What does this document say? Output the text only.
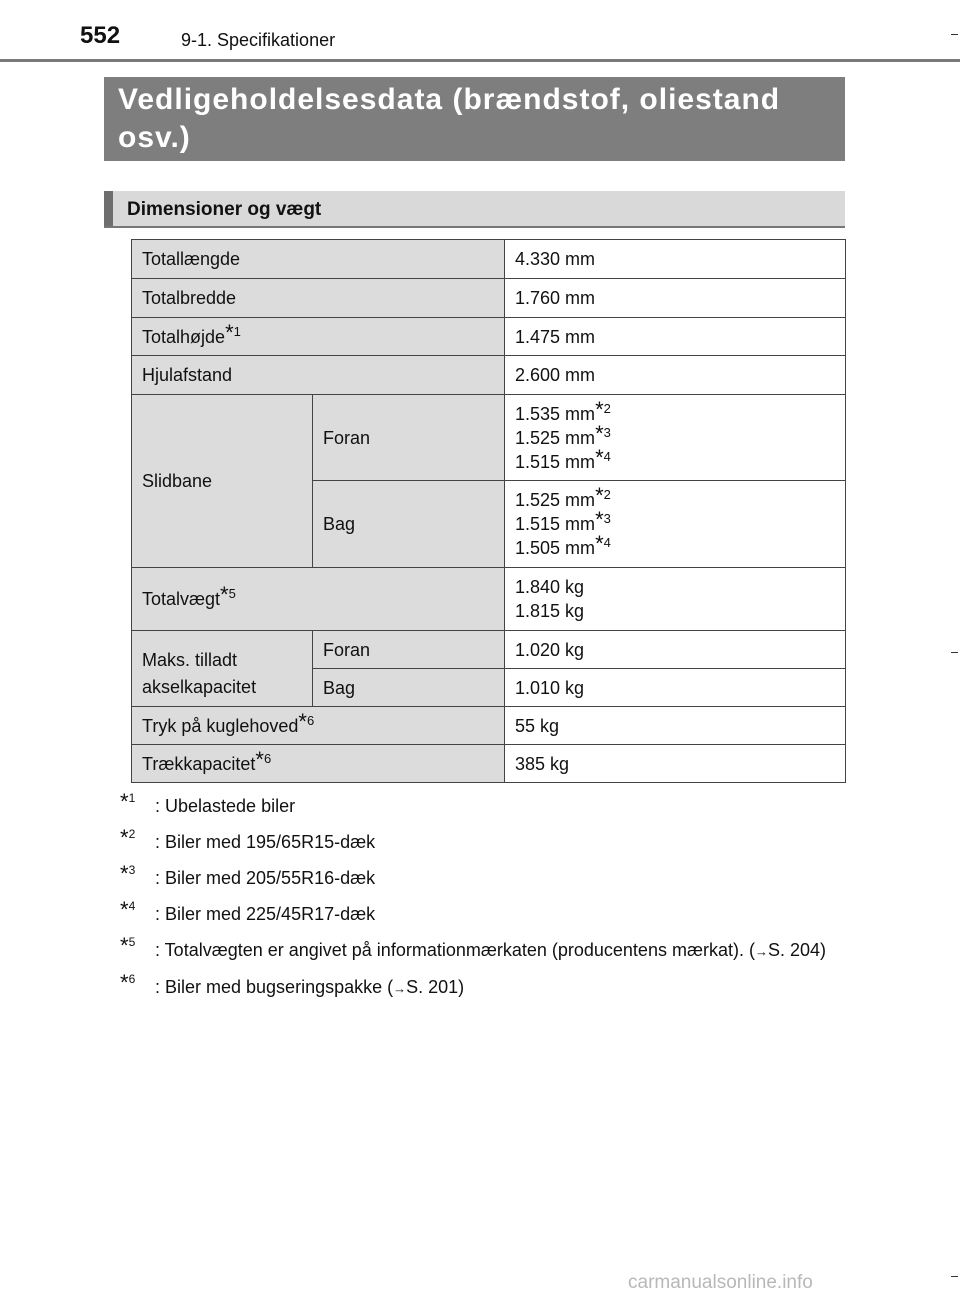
552	9-1. Specifikationer
Vedligeholdelsesdata (brændstof, oliestand osv.)
Dimensioner og vægt
Totallængde		4.330 mm
Totalbredde		1.760 mm
Totalhøjde*$^1$		1.475 mm
Hjulafstand		2.600 mm
Slidbane	Foran	1.535 mm*$^2$
1.525 mm*$^3$
1.515 mm*$^4$

	Bag	1.525 mm*$^2$
1.515 mm*$^3$
1.505 mm*$^4$

Totalvægt*$^5$		1.840 kg
1.815 kg

Maks. tilladt akselkapacitet	Foran	1.020 kg
	Bag	1.010 kg
Tryk på kuglehoved*$^6$		55 kg
Trækkapacitet*$^6$		385 kg
*$^1$ : Ubelastede biler
*$^2$ : Biler med 195/65R15-dæk
*$^3$ : Biler med 205/55R16-dæk
*$^4$ : Biler med 225/45R17-dæk
*$^5$ : Totalvægten er angivet på informationmærkaten (producentens mærkat). (→S. 204)
*$^6$ : Biler med bugseringspakke (→S. 201)
carmanualsonline.info
